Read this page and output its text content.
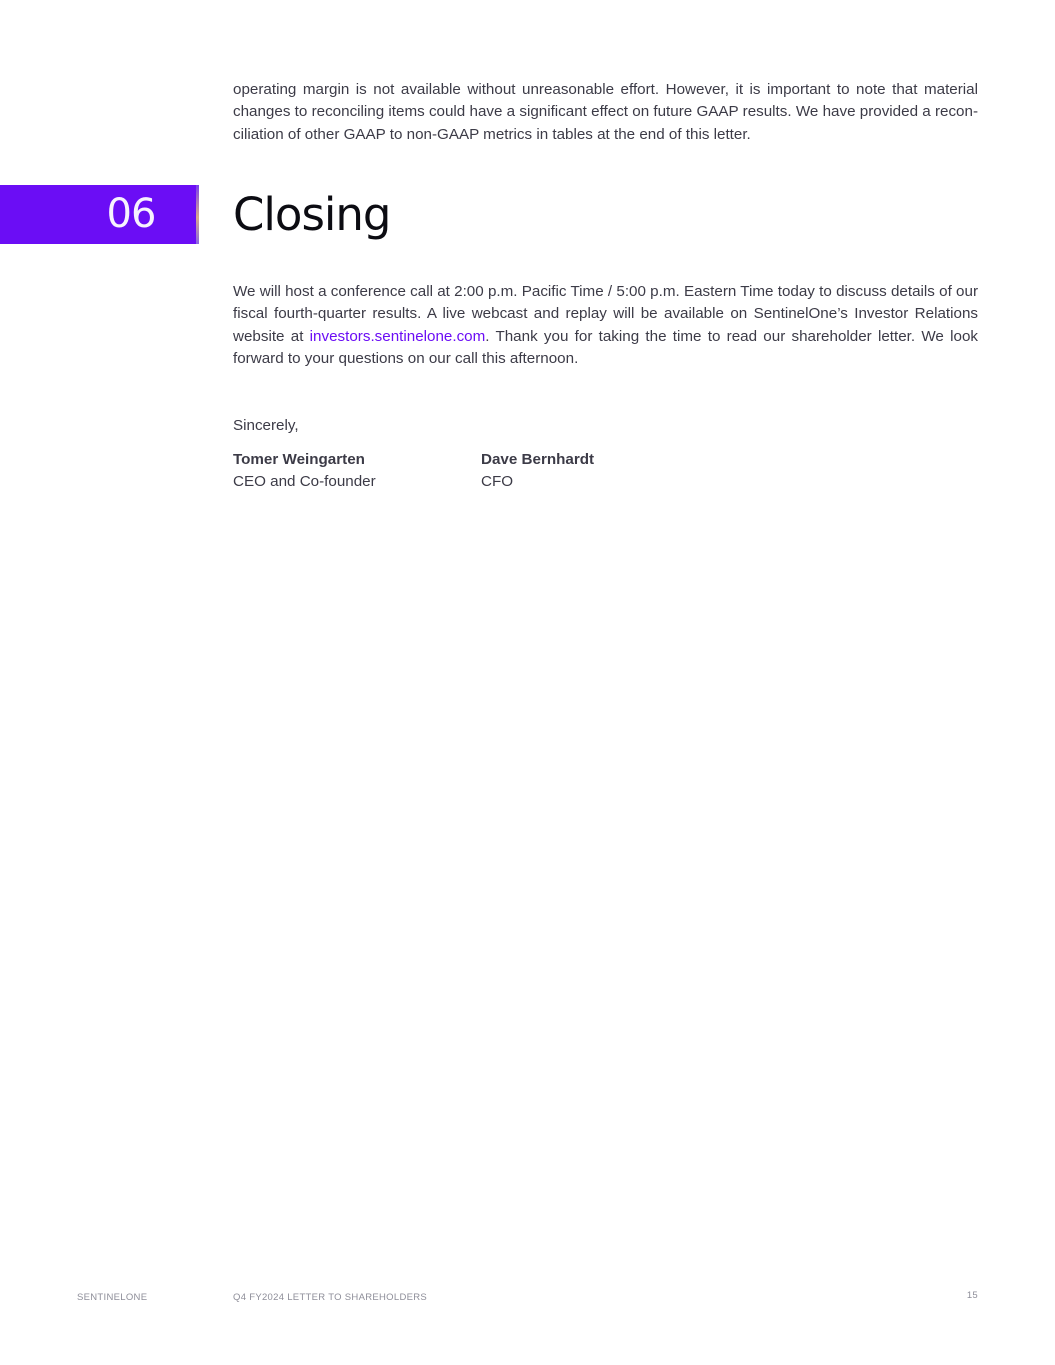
operating margin is not available without unreasonable effort. However, it is important to note that material changes to reconciling items could have a significant effect on future GAAP results. We have provided a reconciliation of other GAAP to non-GAAP metrics in tables at the end of this letter.

06 Closing

We will host a conference call at 2:00 p.m. Pacific Time / 5:00 p.m. Eastern Time today to discuss details of our fiscal fourth-quarter results. A live webcast and replay will be available on SentinelOne’s Investor Relations website at investors.sentinelone.com. Thank you for taking the time to read our shareholder letter. We look forward to your questions on our call this afternoon.

Sincerely,
Tomer Weingarten
CEO and Co-founder
Dave Bernhardt
CFO
SENTINELONE	Q4 FY2024 LETTER TO SHAREHOLDERS	15
